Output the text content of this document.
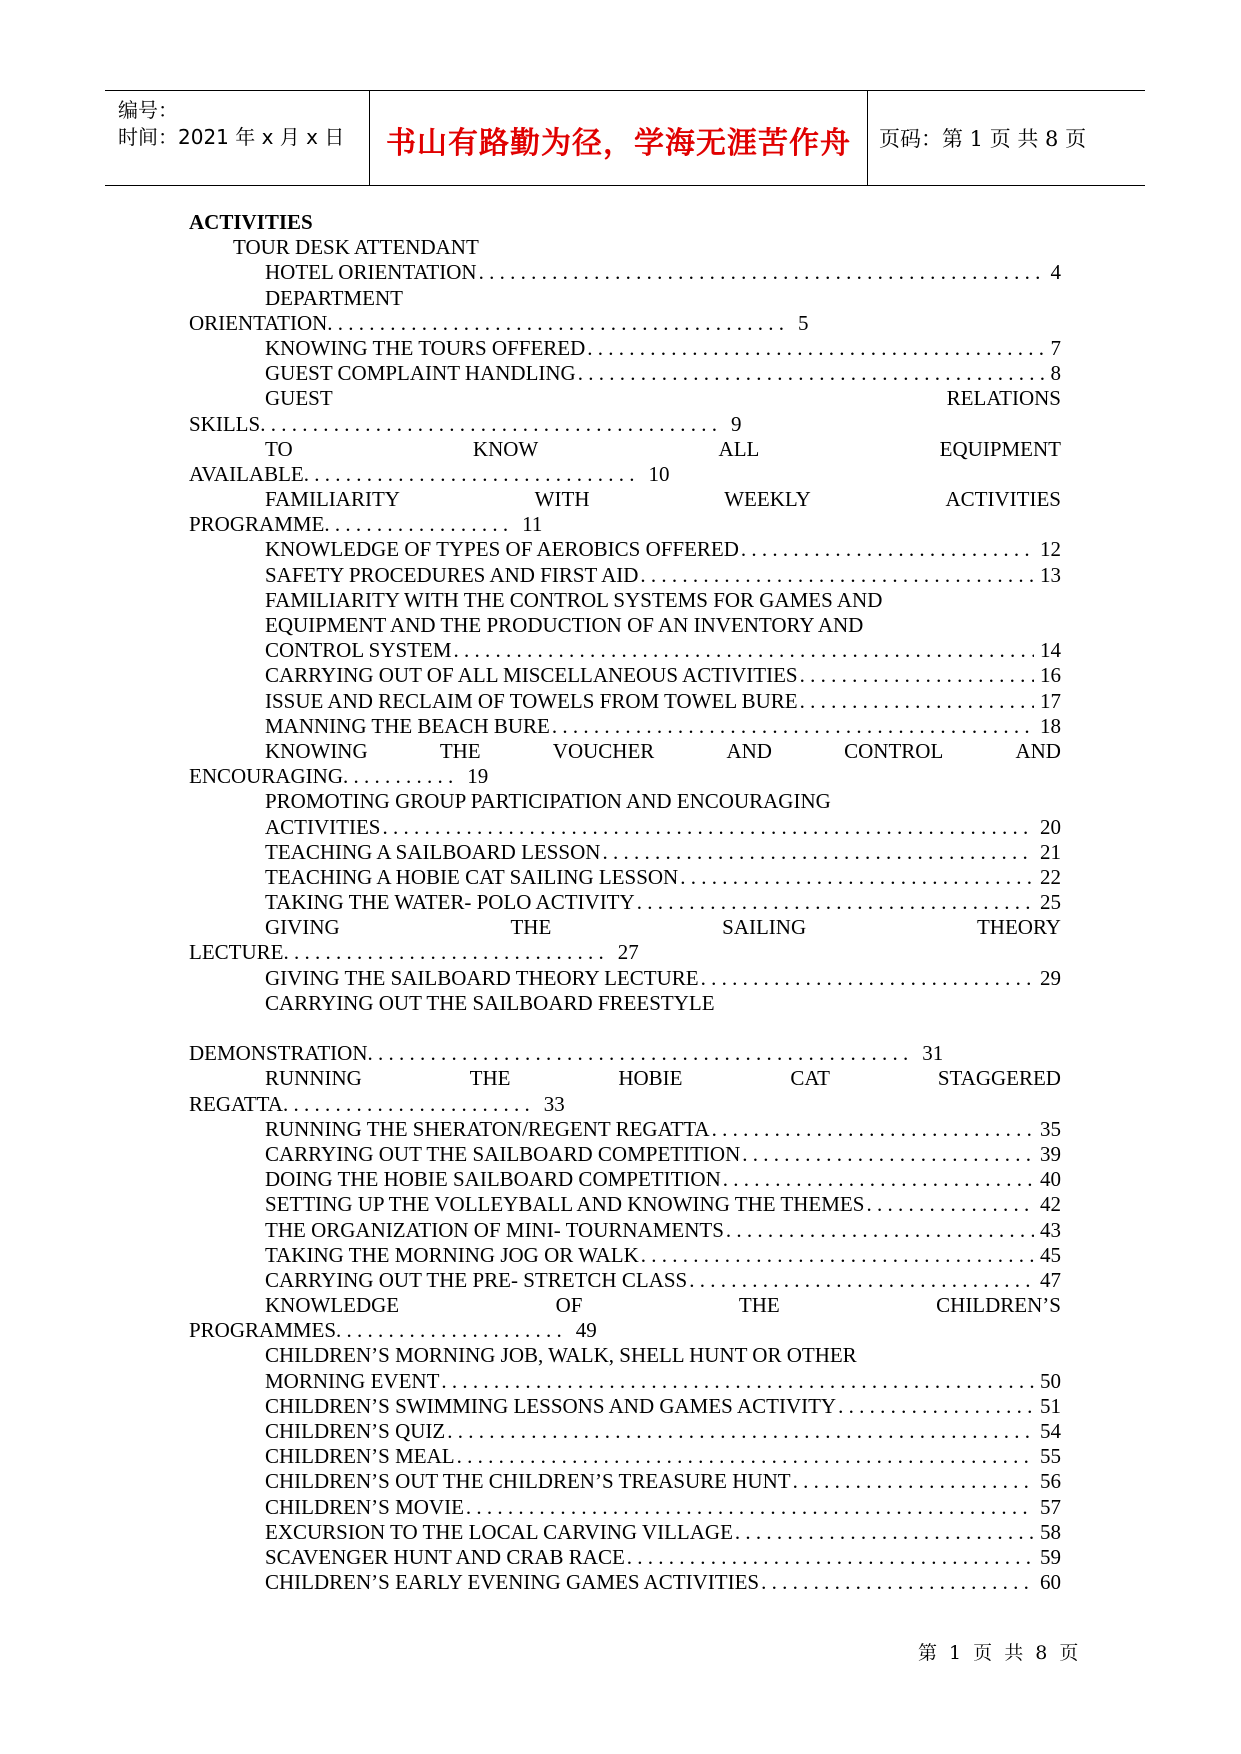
编号：
时间：2021 年 x 月 x 日	书山有路勤为径，学海无涯苦作舟	页码：第 1 页 共 8 页
ACTIVITIES
TOUR DESK ATTENDANT
HOTEL ORIENTATION . . .	4
DEPARTMENT
ORIENTATION . . . . . . . . . . . . . . . . . . . . . . . . . . . . . . . . . . . . . . . . . . . . 5
KNOWING THE TOURS OFFERED . . .	7
GUEST COMPLAINT HANDLING . . .	8
GUEST	RELATIONS
SKILLS . . . . . . . . . . . . . . . . . . . . . . . . . . . . . . . . . . . . . . . . . . . . 9
TO	KNOW	ALL	EQUIPMENT
AVAILABLE . . . . . . . . . . . . . . . . . . . . . . . . . . . . . . . . 10
FAMILIARITY	WITH	WEEKLY	ACTIVITIES
PROGRAMME . . . . . . . . . . . . . . . . . . 11
KNOWLEDGE OF TYPES OF AEROBICS OFFERED . . .	12
SAFETY PROCEDURES AND FIRST AID . . .	13
FAMILIARITY WITH THE CONTROL SYSTEMS FOR GAMES AND
EQUIPMENT AND THE PRODUCTION OF AN INVENTORY AND
CONTROL SYSTEM . . .	14
CARRYING OUT OF ALL MISCELLANEOUS ACTIVITIES . . .	16
ISSUE AND RECLAIM OF TOWELS FROM TOWEL BURE . . .	17
MANNING THE BEACH BURE . . .	18
KNOWING	THE	VOUCHER	AND	CONTROL	AND
ENCOURAGING . . . . . . . . . . . 19
PROMOTING GROUP PARTICIPATION AND ENCOURAGING
ACTIVITIES . . .	20
TEACHING A SAILBOARD LESSON . . .	21
TEACHING A HOBIE CAT SAILING LESSON . . .	22
TAKING THE WATER- POLO ACTIVITY . . .	25
GIVING	THE	SAILING	THEORY
LECTURE . . . . . . . . . . . . . . . . . . . . . . . . . . . . . . . 27
GIVING THE SAILBOARD THEORY LECTURE . . .	29
CARRYING OUT THE SAILBOARD FREESTYLE
DEMONSTRATION . . . . . . . . . . . . . . . . . . . . . . . . . . . . . . . . . . . . . . . . . . . . . . . . . . . . 31
RUNNING	THE	HOBIE	CAT	STAGGERED
REGATTA . . . . . . . . . . . . . . . . . . . . . . . . 33
RUNNING THE SHERATON/REGENT REGATTA . . .	35
CARRYING OUT THE SAILBOARD COMPETITION . . .	39
DOING THE HOBIE SAILBOARD COMPETITION . . .	40
SETTING UP THE VOLLEYBALL AND KNOWING THE THEMES . . .	42
THE ORGANIZATION OF MINI- TOURNAMENTS . . .	43
TAKING THE MORNING JOG OR WALK . . .	45
CARRYING OUT THE PRE- STRETCH CLASS . . .	47
KNOWLEDGE	OF	THE	CHILDREN’S
PROGRAMMES . . . . . . . . . . . . . . . . . . . . . . 49
CHILDREN’S MORNING JOB, WALK, SHELL HUNT OR OTHER
MORNING EVENT . . .	50
CHILDREN’S SWIMMING LESSONS AND GAMES ACTIVITY . . .	51
CHILDREN’S QUIZ . . .	54
CHILDREN’S MEAL . . .	55
CHILDREN’S OUT THE CHILDREN’S TREASURE HUNT . . .	56
CHILDREN’S MOVIE . . .	57
EXCURSION TO THE LOCAL CARVING VILLAGE . . .	58
SCAVENGER HUNT AND CRAB RACE . . .	59
CHILDREN’S EARLY EVENING GAMES ACTIVITIES . . .	60
第 1 页 共 8 页
